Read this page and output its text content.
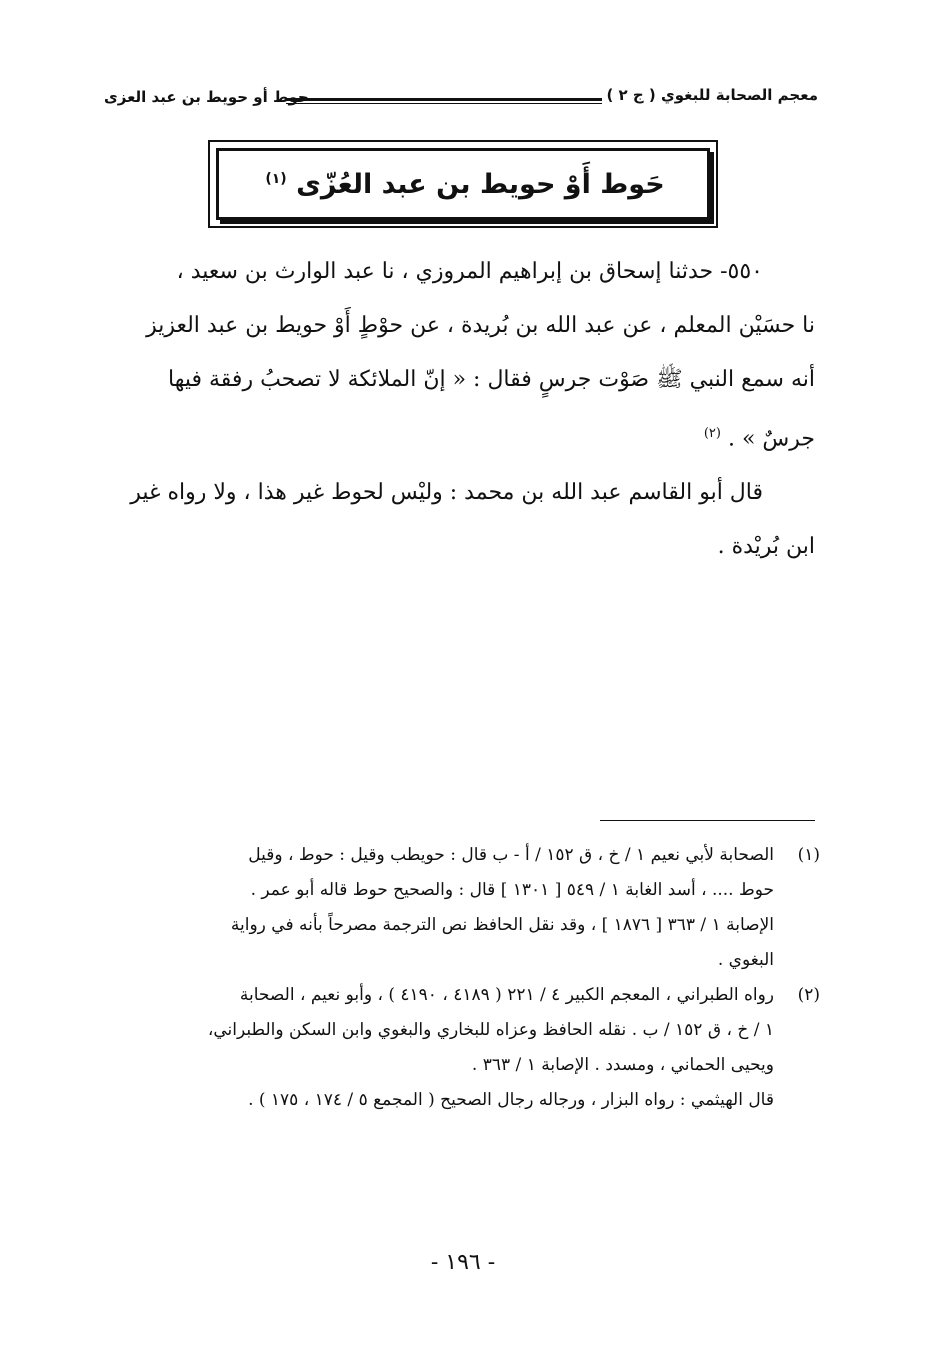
معجم الصحابة للبغوي ( ج ٢ )
حوط أو حويط بن عبد العزى
حَوط أَوْ حويط بن عبد العُزّى $^{(١)}$

٥٥٠- حدثنا إسحاق بن إبراهيم المروزي ، نا عبد الوارث بن سعيد ،

نا حسَيْن المعلم ، عن عبد الله بن بُريدة ، عن حوْطٍ أَوْ حويط بن عبد العزيز

أنه سمع النبي ﷺ صَوْت جرسٍ فقال : « إنّ الملائكة لا تصحبُ رفقة فيها

جرسٌ » . $^{(٢)}$

قال أبو القاسم عبد الله بن محمد : وليْس لحوط غير هذا ، ولا رواه غير

ابن بُريْدة .

(١)
الصحابة لأبي نعيم ١ / خ ، ق ١٥٢ / أ - ب قال : حويطب وقيل : حوط ، وقيل
حوط .... ، أسد الغابة ١ / ٥٤٩ [ ١٣٠١ ] قال : والصحيح حوط قاله أبو عمر .
الإصابة ١ / ٣٦٣ [ ١٨٧٦ ] ، وقد نقل الحافظ نص الترجمة مصرحاً بأنه في رواية
البغوي .
(٢)
رواه الطبراني ، المعجم الكبير ٤ / ٢٢١ ( ٤١٨٩ ، ٤١٩٠ ) ، وأبو نعيم ، الصحابة
١ / خ ، ق ١٥٢ / ب . نقله الحافظ وعزاه للبخاري والبغوي وابن السكن والطبراني،
ويحيى الحماني ، ومسدد . الإصابة ١ / ٣٦٣ .
قال الهيثمي : رواه البزار ، ورجاله رجال الصحيح ( المجمع ٥ / ١٧٤ ، ١٧٥ ) .
- ١٩٦ -
